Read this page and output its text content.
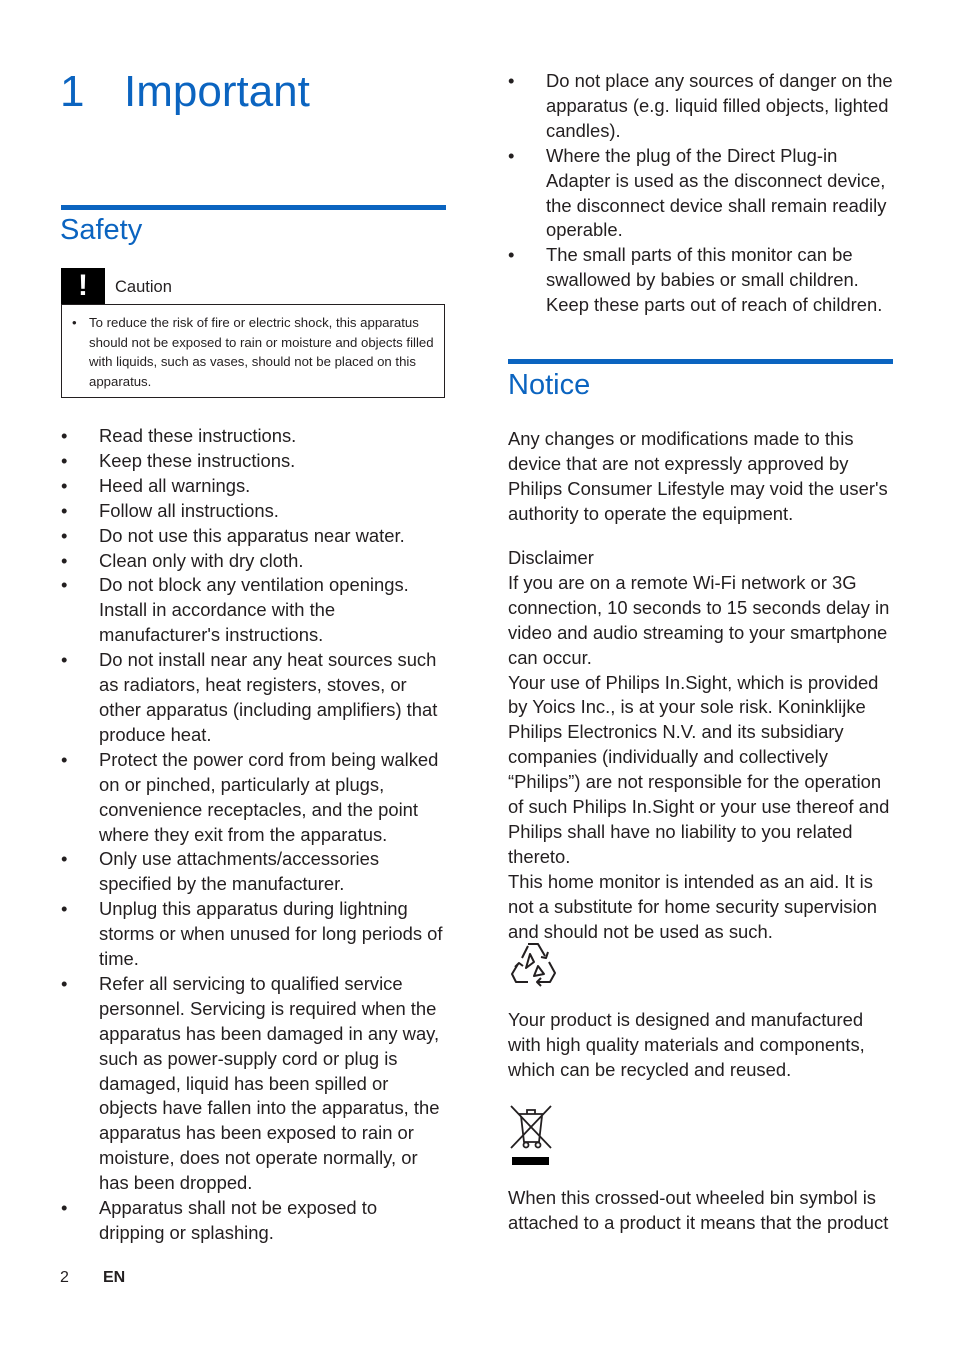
1 Important
Safety
!	Caution
• To reduce the risk of fire or electric shock, this apparatus should not be exposed to rain or moisture and objects filled with liquids, such as vases, should not be placed on this apparatus.
• Read these instructions.
• Keep these instructions.
• Heed all warnings.
• Follow all instructions.
• Do not use this apparatus near water.
• Clean only with dry cloth.
• Do not block any ventilation openings. Install in accordance with the manufacturer's instructions.
• Do not install near any heat sources such as radiators, heat registers, stoves, or other apparatus (including amplifiers) that produce heat.
• Protect the power cord from being walked on or pinched, particularly at plugs, convenience receptacles, and the point where they exit from the apparatus.
• Only use attachments/accessories specified by the manufacturer.
• Unplug this apparatus during lightning storms or when unused for long periods of time.
• Refer all servicing to qualified service personnel. Servicing is required when the apparatus has been damaged in any way, such as power-supply cord or plug is damaged, liquid has been spilled or objects have fallen into the apparatus, the apparatus has been exposed to rain or moisture, does not operate normally, or has been dropped.
• Apparatus shall not be exposed to dripping or splashing.
• Do not place any sources of danger on the apparatus (e.g. liquid filled objects, lighted candles).
• Where the plug of the Direct Plug-in Adapter is used as the disconnect device, the disconnect device shall remain readily operable.
• The small parts of this monitor can be swallowed by babies or small children. Keep these parts out of reach of children.
Notice

Any changes or modifications made to this device that are not expressly approved by Philips Consumer Lifestyle may void the user's authority to operate the equipment.

Disclaimer
If you are on a remote Wi-Fi network or 3G connection, 10 seconds to 15 seconds delay in video and audio streaming to your smartphone can occur.
Your use of Philips In.Sight, which is provided by Yoics Inc., is at your sole risk. Koninklijke Philips Electronics N.V. and its subsidiary companies (individually and collectively “Philips”) are not responsible for the operation of such Philips In.Sight or your use thereof and Philips shall have no liability to you related thereto.
This home monitor is intended as an aid. It is not a substitute for home security supervision and should not be used as such.

Your product is designed and manufactured with high quality materials and components, which can be recycled and reused.

When this crossed-out wheeled bin symbol is attached to a product it means that the product

2 EN
